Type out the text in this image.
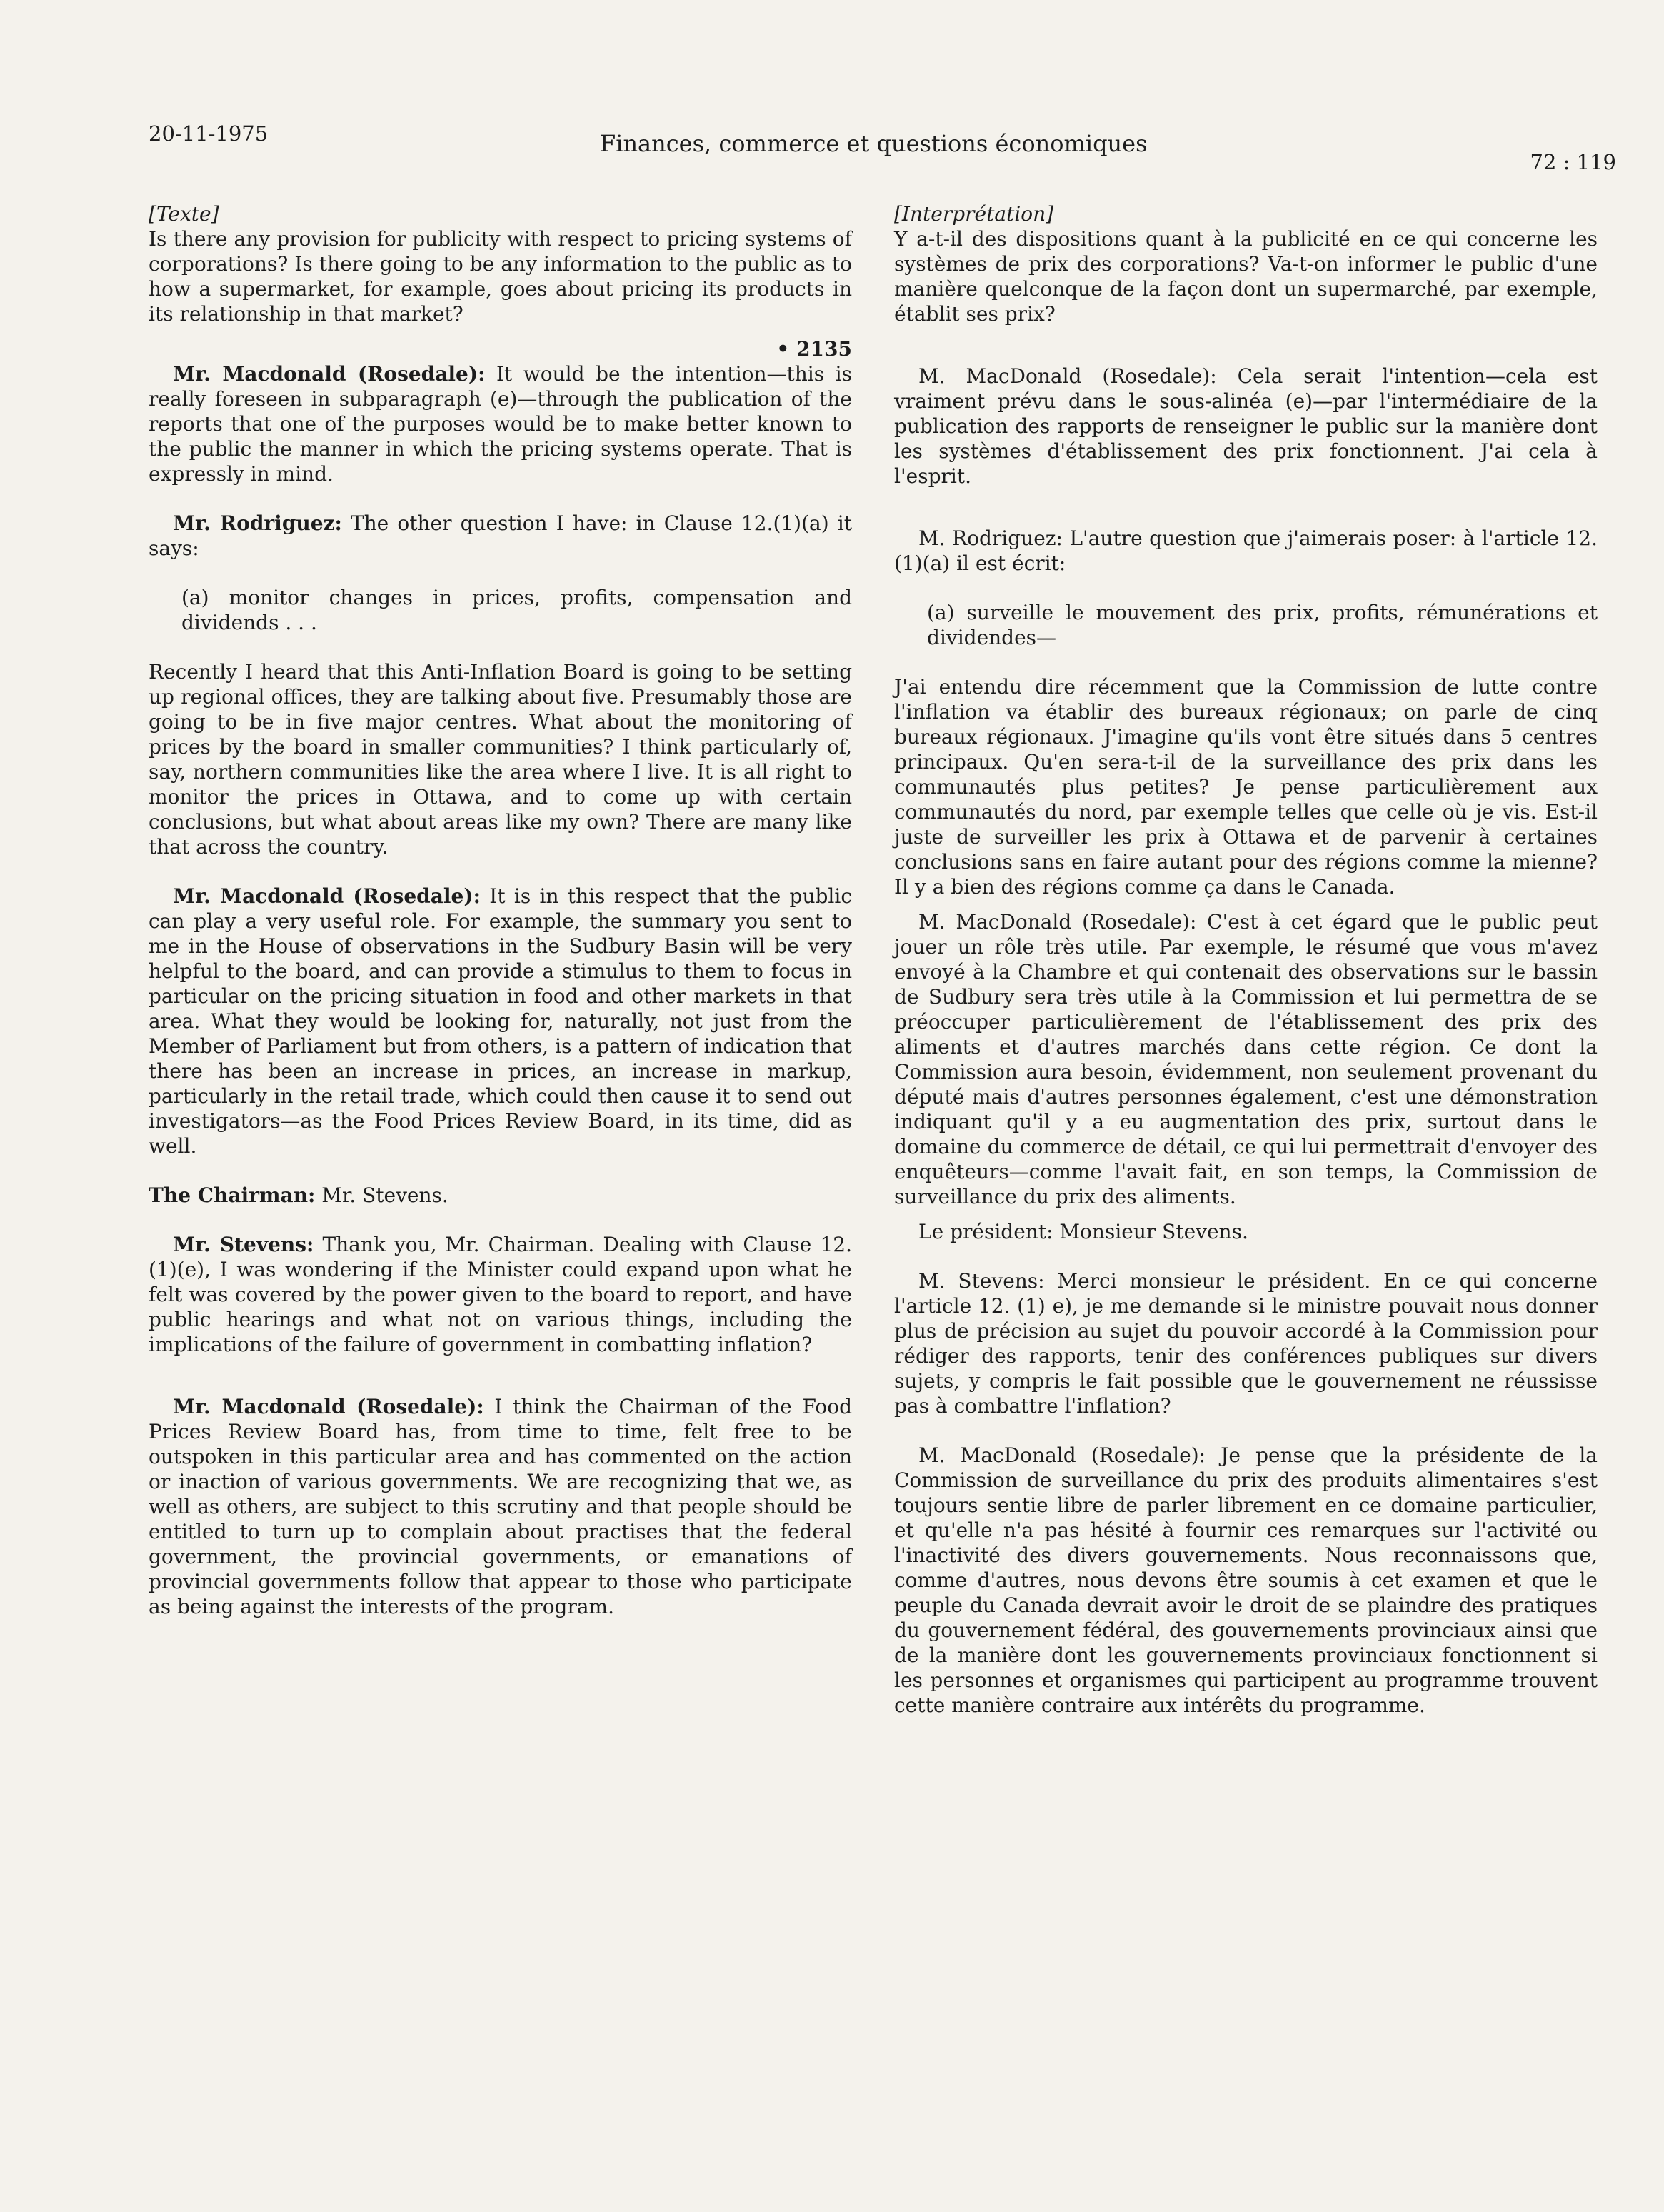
20-11-1975	Finances, commerce et questions économiques
72 : 119

[Texte]

Is there any provision for publicity with respect to pricing systems of corporations? Is there going to be any information to the public as to how a supermarket, for example, goes about pricing its products in its relationship in that market?

• 2135

Mr. Macdonald (Rosedale): It would be the intention—this is really foreseen in subparagraph (e)—through the publication of the reports that one of the purposes would be to make better known to the public the manner in which the pricing systems operate. That is expressly in mind.

Mr. Rodriguez: The other question I have: in Clause 12.(1)(a) it says:

(a) monitor changes in prices, profits, compensation and dividends . . .

Recently I heard that this Anti-Inflation Board is going to be setting up regional offices, they are talking about five. Presumably those are going to be in five major centres. What about the monitoring of prices by the board in smaller communities? I think particularly of, say, northern communities like the area where I live. It is all right to monitor the prices in Ottawa, and to come up with certain conclusions, but what about areas like my own? There are many like that across the country.

Mr. Macdonald (Rosedale): It is in this respect that the public can play a very useful role. For example, the summary you sent to me in the House of observations in the Sudbury Basin will be very helpful to the board, and can provide a stimulus to them to focus in particular on the pricing situation in food and other markets in that area. What they would be looking for, naturally, not just from the Member of Parliament but from others, is a pattern of indication that there has been an increase in prices, an increase in markup, particularly in the retail trade, which could then cause it to send out investigators—as the Food Prices Review Board, in its time, did as well.

The Chairman: Mr. Stevens.

Mr. Stevens: Thank you, Mr. Chairman. Dealing with Clause 12.(1)(e), I was wondering if the Minister could expand upon what he felt was covered by the power given to the board to report, and have public hearings and what not on various things, including the implications of the failure of government in combatting inflation?

Mr. Macdonald (Rosedale): I think the Chairman of the Food Prices Review Board has, from time to time, felt free to be outspoken in this particular area and has commented on the action or inaction of various governments. We are recognizing that we, as well as others, are subject to this scrutiny and that people should be entitled to turn up to complain about practises that the federal government, the provincial governments, or emanations of provincial governments follow that appear to those who participate as being against the interests of the program.

[Interprétation]

Y a-t-il des dispositions quant à la publicité en ce qui concerne les systèmes de prix des corporations? Va-t-on informer le public d'une manière quelconque de la façon dont un supermarché, par exemple, établit ses prix?

M. MacDonald (Rosedale): Cela serait l'intention—cela est vraiment prévu dans le sous-alinéa (e)—par l'intermédiaire de la publication des rapports de renseigner le public sur la manière dont les systèmes d'établissement des prix fonctionnent. J'ai cela à l'esprit.

M. Rodriguez: L'autre question que j'aimerais poser: à l'article 12.(1)(a) il est écrit:

(a) surveille le mouvement des prix, profits, rémunérations et dividendes—

J'ai entendu dire récemment que la Commission de lutte contre l'inflation va établir des bureaux régionaux; on parle de cinq bureaux régionaux. J'imagine qu'ils vont être situés dans 5 centres principaux. Qu'en sera-t-il de la surveillance des prix dans les communautés plus petites? Je pense particulièrement aux communautés du nord, par exemple telles que celle où je vis. Est-il juste de surveiller les prix à Ottawa et de parvenir à certaines conclusions sans en faire autant pour des régions comme la mienne? Il y a bien des régions comme ça dans le Canada.

M. MacDonald (Rosedale): C'est à cet égard que le public peut jouer un rôle très utile. Par exemple, le résumé que vous m'avez envoyé à la Chambre et qui contenait des observations sur le bassin de Sudbury sera très utile à la Commission et lui permettra de se préoccuper particulièrement de l'établissement des prix des aliments et d'autres marchés dans cette région. Ce dont la Commission aura besoin, évidemment, non seulement provenant du député mais d'autres personnes également, c'est une démonstration indiquant qu'il y a eu augmentation des prix, surtout dans le domaine du commerce de détail, ce qui lui permettrait d'envoyer des enquêteurs—comme l'avait fait, en son temps, la Commission de surveillance du prix des aliments.

Le président: Monsieur Stevens.

M. Stevens: Merci monsieur le président. En ce qui concerne l'article 12. (1) e), je me demande si le ministre pouvait nous donner plus de précision au sujet du pouvoir accordé à la Commission pour rédiger des rapports, tenir des conférences publiques sur divers sujets, y compris le fait possible que le gouvernement ne réussisse pas à combattre l'inflation?

M. MacDonald (Rosedale): Je pense que la présidente de la Commission de surveillance du prix des produits alimentaires s'est toujours sentie libre de parler librement en ce domaine particulier, et qu'elle n'a pas hésité à fournir ces remarques sur l'activité ou l'inactivité des divers gouvernements. Nous reconnaissons que, comme d'autres, nous devons être soumis à cet examen et que le peuple du Canada devrait avoir le droit de se plaindre des pratiques du gouvernement fédéral, des gouvernements provinciaux ainsi que de la manière dont les gouvernements provinciaux fonctionnent si les personnes et organismes qui participent au programme trouvent cette manière contraire aux intérêts du programme.
